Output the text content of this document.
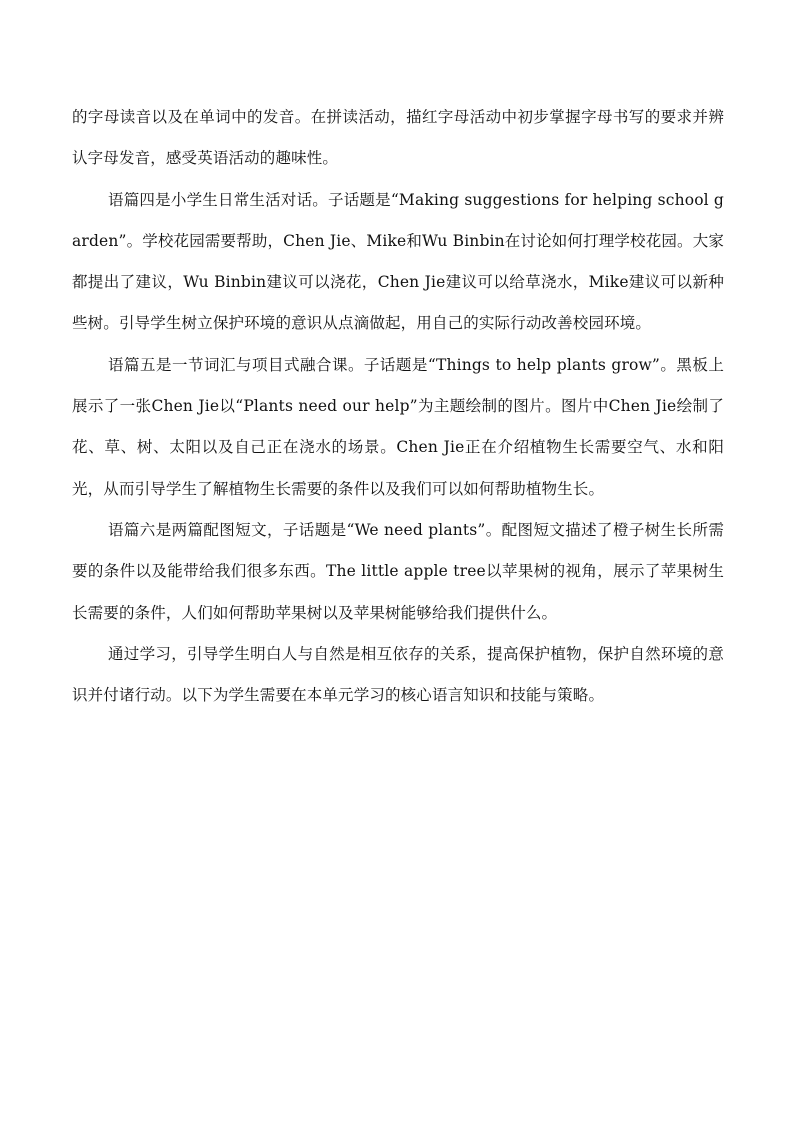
的字母读音以及在单词中的发音。在拼读活动，描红字母活动中初步掌握字母书写的要求并辨认字母发音，感受英语活动的趣味性。

语篇四是小学生日常生活对话。子话题是“Making suggestions for helping school garden”。学校花园需要帮助，Chen Jie、Mike和Wu Binbin在讨论如何打理学校花园。大家都提出了建议，Wu Binbin建议可以浇花，Chen Jie建议可以给草浇水，Mike建议可以新种些树。引导学生树立保护环境的意识从点滴做起，用自己的实际行动改善校园环境。

语篇五是一节词汇与项目式融合课。子话题是“Things to help plants grow”。黑板上展示了一张Chen Jie以“Plants need our help”为主题绘制的图片。图片中Chen Jie绘制了花、草、树、太阳以及自己正在浇水的场景。Chen Jie正在介绍植物生长需要空气、水和阳光，从而引导学生了解植物生长需要的条件以及我们可以如何帮助植物生长。

语篇六是两篇配图短文，子话题是“We need plants”。配图短文描述了橙子树生长所需要的条件以及能带给我们很多东西。The little apple tree以苹果树的视角，展示了苹果树生长需要的条件，人们如何帮助苹果树以及苹果树能够给我们提供什么。

通过学习，引导学生明白人与自然是相互依存的关系，提高保护植物，保护自然环境的意识并付诸行动。以下为学生需要在本单元学习的核心语言知识和技能与策略。
